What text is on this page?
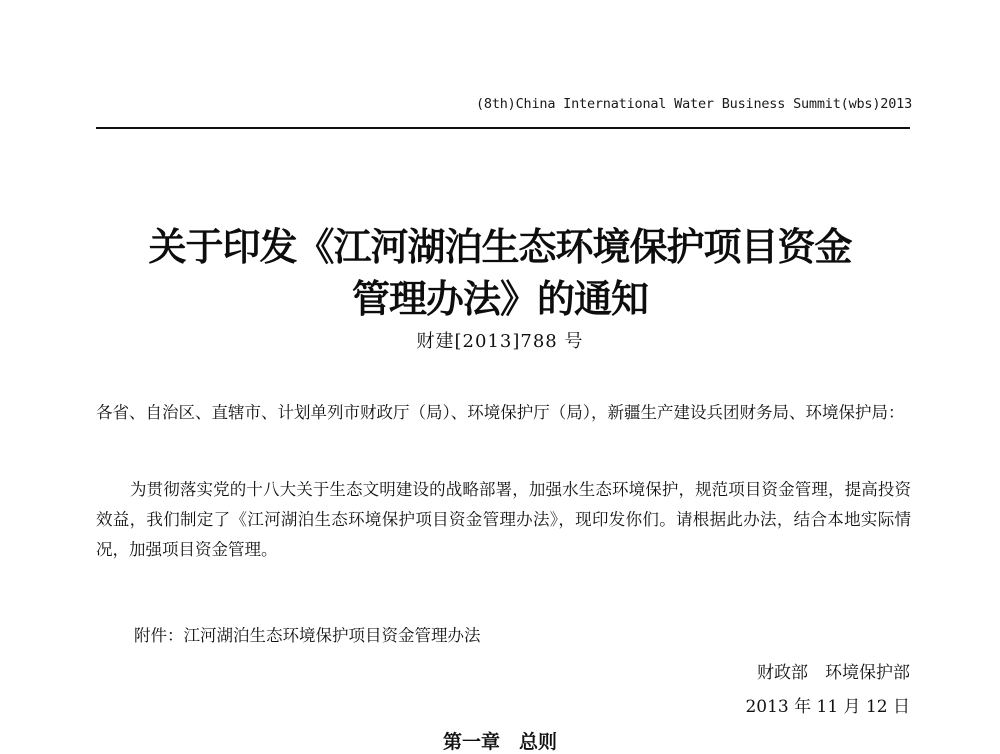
(8th)China International Water Business Summit(wbs)2013
关于印发《江河湖泊生态环境保护项目资金
管理办法》的通知
财建[2013]788 号
各省、自治区、直辖市、计划单列市财政厅（局）、环境保护厅（局），新疆生产建设兵团财务局、环境保护局：
为贯彻落实党的十八大关于生态文明建设的战略部署，加强水生态环境保护，规范项目资金管理，提高投资效益，我们制定了《江河湖泊生态环境保护项目资金管理办法》，现印发你们。请根据此办法，结合本地实际情况，加强项目资金管理。
附件：江河湖泊生态环境保护项目资金管理办法
财政部　环境保护部
2013 年 11 月 12 日
第一章　总则
